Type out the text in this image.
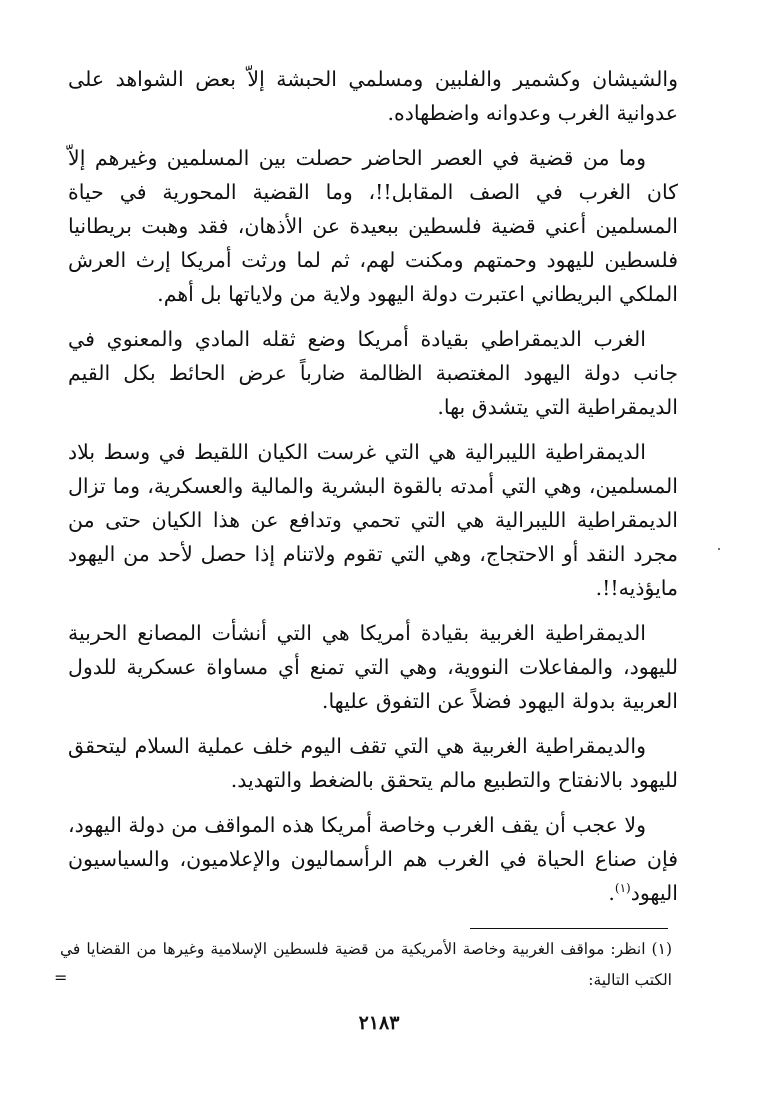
والشيشان وكشمير والفلبين ومسلمي الحبشة إلاّ بعض الشواهد على عدوانية الغرب وعدوانه واضطهاده.

وما من قضية في العصر الحاضر حصلت بين المسلمين وغيرهم إلاّ كان الغرب في الصف المقابل!!، وما القضية المحورية في حياة المسلمين أعني قضية فلسطين ببعيدة عن الأذهان، فقد وهبت بريطانيا فلسطين لليهود وحمتهم ومكنت لهم، ثم لما ورثت أمريكا إرث العرش الملكي البريطاني اعتبرت دولة اليهود ولاية من ولاياتها بل أهم.

الغرب الديمقراطي بقيادة أمريكا وضع ثقله المادي والمعنوي في جانب دولة اليهود المغتصبة الظالمة ضارباً عرض الحائط بكل القيم الديمقراطية التي يتشدق بها.

الديمقراطية الليبرالية هي التي غرست الكيان اللقيط في وسط بلاد المسلمين، وهي التي أمدته بالقوة البشرية والمالية والعسكرية، وما تزال الديمقراطية الليبرالية هي التي تحمي وتدافع عن هذا الكيان حتى من مجرد النقد أو الاحتجاج، وهي التي تقوم ولاتنام إذا حصل لأحد من اليهود مايؤذيه!!.

الديمقراطية الغربية بقيادة أمريكا هي التي أنشأت المصانع الحربية لليهود، والمفاعلات النووية، وهي التي تمنع أي مساواة عسكرية للدول العربية بدولة اليهود فضلاً عن التفوق عليها.

والديمقراطية الغربية هي التي تقف اليوم خلف عملية السلام ليتحقق لليهود بالانفتاح والتطبيع مالم يتحقق بالضغط والتهديد.

ولا عجب أن يقف الغرب وخاصة أمريكا هذه المواقف من دولة اليهود، فإن صناع الحياة في الغرب هم الرأسماليون والإعلاميون، والسياسيون اليهود$^{(١)}$.

(١)انظر: مواقف الغربية وخاصة الأمريكية من قضية فلسطين الإسلامية وغيرها من القضايا في الكتب التالية:

=
٢١٨٣
